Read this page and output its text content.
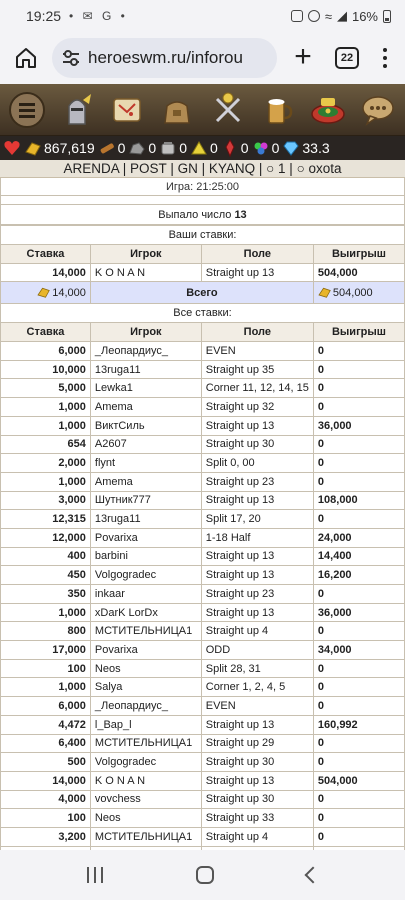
19:25 • ✉ G •	≈ ◢ 16%
heroeswm.ru/inforou	+	22
867,619 0 0 0 0 0 0 33.3
ARENDA | POST | GN | KYANQ | ○ 1 | ○ oxota
Игра: 21:25:00
Выпало число 13
Ваши ставки:			
Ставка	Игрок	Поле	Выигрыш
14,000	K O N A N	Straight up 13	504,000
14,000	Всего		504,000
Все ставки:			
Ставка	Игрок	Поле	Выигрыш
6,000	_Леопардиус_	EVEN	0
10,000	13ruga11	Straight up 35	0
5,000	Lewka1	Corner 11, 12, 14, 15	0
1,000	Amema	Straight up 32	0
1,000	ВиктСиль	Straight up 13	36,000
654	A2607	Straight up 30	0
2,000	flynt	Split 0, 00	0
1,000	Amema	Straight up 23	0
3,000	Шутник777	Straight up 13	108,000
12,315	13ruga11	Split 17, 20	0
12,000	Povarixa	1-18 Half	24,000
400	barbini	Straight up 13	14,400
450	Volgogradec	Straight up 13	16,200
350	inkaar	Straight up 23	0
1,000	xDarK LorDx	Straight up 13	36,000
800	МСТИТЕЛЬНИЦА1	Straight up 4	0
17,000	Povarixa	ODD	34,000
100	Neos	Split 28, 31	0
1,000	Salya	Corner 1, 2, 4, 5	0
6,000	_Леопардиус_	EVEN	0
4,472	l_Bap_l	Straight up 13	160,992
6,400	МСТИТЕЛЬНИЦА1	Straight up 29	0
500	Volgogradec	Straight up 30	0
14,000	K O N A N	Straight up 13	504,000
4,000	vovchess	Straight up 30	0
100	Neos	Straight up 33	0
3,200	МСТИТЕЛЬНИЦА1	Straight up 4	0
